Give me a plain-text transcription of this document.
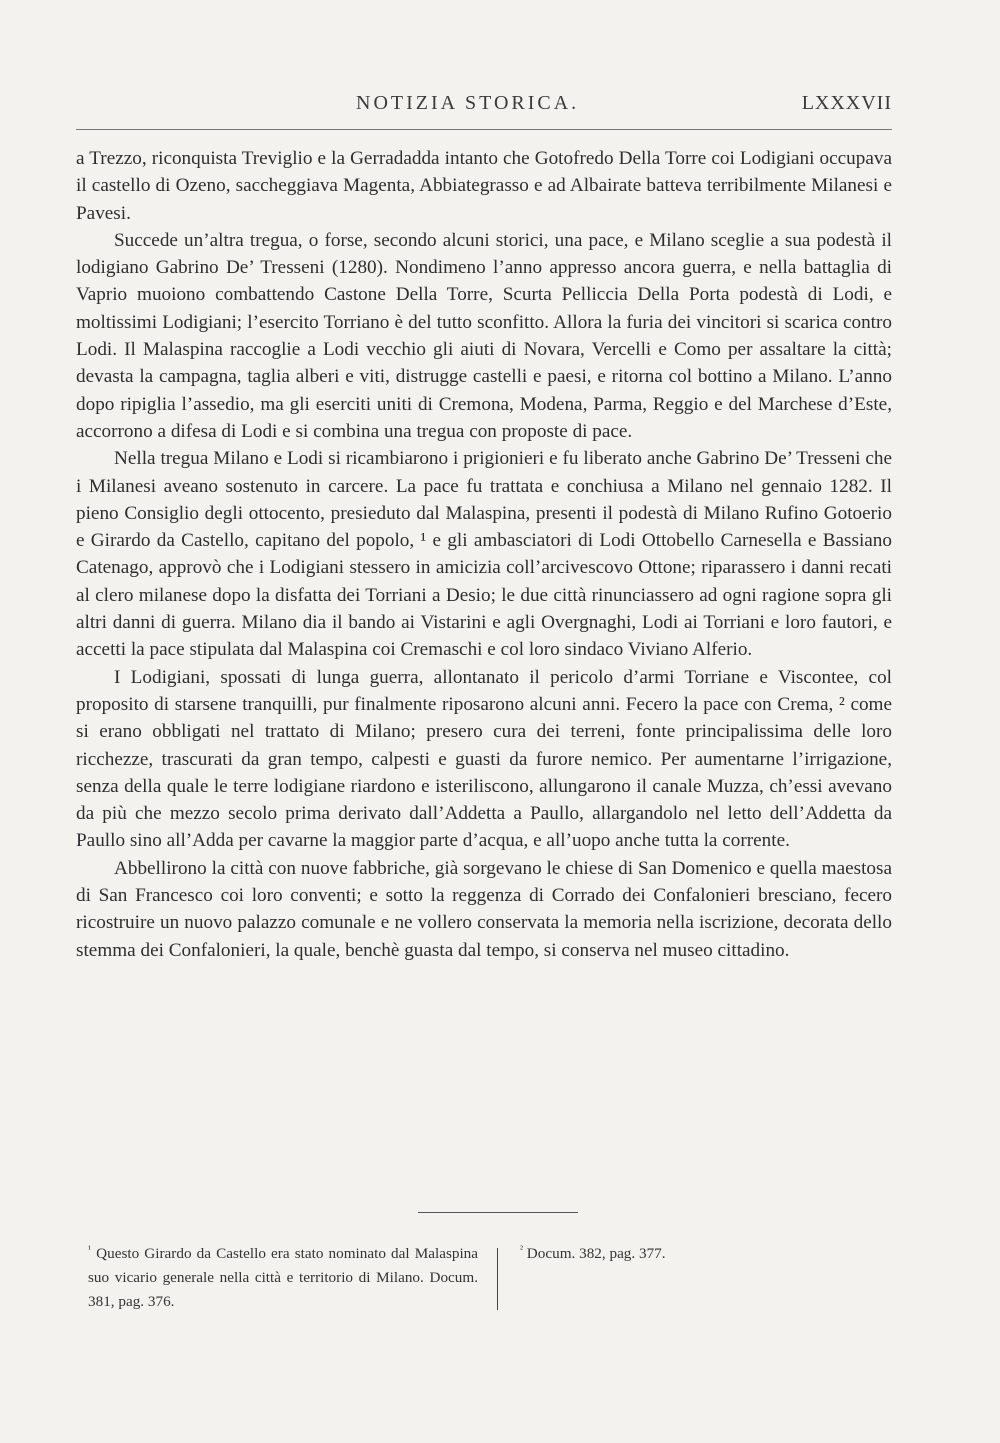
NOTIZIA STORICA.	LXXXVII

a Trezzo, riconquista Treviglio e la Gerradadda intanto che Gotofredo Della Torre coi Lodigiani occupava il castello di Ozeno, saccheggiava Magenta, Abbiategrasso e ad Albairate batteva terribilmente Milanesi e Pavesi.

Succede un’altra tregua, o forse, secondo alcuni storici, una pace, e Milano sceglie a sua podestà il lodigiano Gabrino De’ Tresseni (1280). Nondimeno l’anno appresso ancora guerra, e nella battaglia di Vaprio muoiono combattendo Castone Della Torre, Scurta Pelliccia Della Porta podestà di Lodi, e moltissimi Lodigiani; l’esercito Torriano è del tutto sconfitto. Allora la furia dei vincitori si scarica contro Lodi. Il Malaspina raccoglie a Lodi vecchio gli aiuti di Novara, Vercelli e Como per assaltare la città; devasta la campagna, taglia alberi e viti, distrugge castelli e paesi, e ritorna col bottino a Milano. L’anno dopo ripiglia l’assedio, ma gli eserciti uniti di Cremona, Modena, Parma, Reggio e del Marchese d’Este, accorrono a difesa di Lodi e si combina una tregua con proposte di pace.

Nella tregua Milano e Lodi si ricambiarono i prigionieri e fu liberato anche Gabrino De’ Tresseni che i Milanesi aveano sostenuto in carcere. La pace fu trattata e conchiusa a Milano nel gennaio 1282. Il pieno Consiglio degli ottocento, presieduto dal Malaspina, presenti il podestà di Milano Rufino Gotoerio e Girardo da Castello, capitano del popolo, ¹ e gli ambasciatori di Lodi Ottobello Carnesella e Bassiano Catenago, approvò che i Lodigiani stessero in amicizia coll’arcivescovo Ottone; riparassero i danni recati al clero milanese dopo la disfatta dei Torriani a Desio; le due città rinunciassero ad ogni ragione sopra gli altri danni di guerra. Milano dia il bando ai Vistarini e agli Overgnaghi, Lodi ai Torriani e loro fautori, e accetti la pace stipulata dal Malaspina coi Cremaschi e col loro sindaco Viviano Alferio.

I Lodigiani, spossati di lunga guerra, allontanato il pericolo d’armi Torriane e Viscontee, col proposito di starsene tranquilli, pur finalmente riposarono alcuni anni. Fecero la pace con Crema, ² come si erano obbligati nel trattato di Milano; presero cura dei terreni, fonte principalissima delle loro ricchezze, trascurati da gran tempo, calpesti e guasti da furore nemico. Per aumentarne l’irrigazione, senza della quale le terre lodigiane riardono e isteriliscono, allungarono il canale Muzza, ch’essi avevano da più che mezzo secolo prima derivato dall’Addetta a Paullo, allargandolo nel letto dell’Addetta da Paullo sino all’Adda per cavarne la maggior parte d’acqua, e all’uopo anche tutta la corrente.

Abbellirono la città con nuove fabbriche, già sorgevano le chiese di San Domenico e quella maestosa di San Francesco coi loro conventi; e sotto la reggenza di Corrado dei Confalonieri bresciano, fecero ricostruire un nuovo palazzo comunale e ne vollero conservata la memoria nella iscrizione, decorata dello stemma dei Confalonieri, la quale, benchè guasta dal tempo, si conserva nel museo cittadino.

$^{^1}$ Questo Girardo da Castello era stato nominato dal Malaspina suo vicario generale nella città e territorio di Milano. Docum. 381, pag. 376.
$^{^2}$ Docum. 382, pag. 377.
